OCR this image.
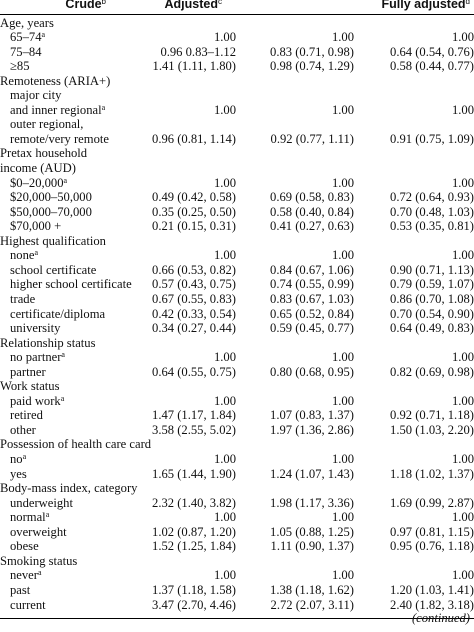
Crude$^b$	Adjusted$^c$	Fully adjusted$^d$
Age, years
65–74$^a$	1.00	1.00	1.00
75–84	0.96 0.83–1.12	0.83 (0.71, 0.98)	0.64 (0.54, 0.76)
≥85	1.41 (1.11, 1.80)	0.98 (0.74, 1.29)	0.58 (0.44, 0.77)
Remoteness (ARIA+)
major city
and inner regional$^a$	1.00	1.00	1.00
outer regional,
remote/very remote	0.96 (0.81, 1.14)	0.92 (0.77, 1.11)	0.91 (0.75, 1.09)
Pretax household
income (AUD)
$0–20,000$^a$	1.00	1.00	1.00
$20,000–50,000	0.49 (0.42, 0.58)	0.69 (0.58, 0.83)	0.72 (0.64, 0.93)
$50,000–70,000	0.35 (0.25, 0.50)	0.58 (0.40, 0.84)	0.70 (0.48, 1.03)
$70,000 +	0.21 (0.15, 0.31)	0.41 (0.27, 0.63)	0.53 (0.35, 0.81)
Highest qualification
none$^a$	1.00	1.00	1.00
school certificate	0.66 (0.53, 0.82)	0.84 (0.67, 1.06)	0.90 (0.71, 1.13)
higher school certificate 0.57 (0.43, 0.75)	0.74 (0.55, 0.99)	0.79 (0.59, 1.07)
trade	0.67 (0.55, 0.83)	0.83 (0.67, 1.03)	0.86 (0.70, 1.08)
certificate/diploma	0.42 (0.33, 0.54)	0.65 (0.52, 0.84)	0.70 (0.54, 0.90)
university	0.34 (0.27, 0.44)	0.59 (0.45, 0.77)	0.64 (0.49, 0.83)
Relationship status
no partner$^a$	1.00	1.00	1.00
partner	0.64 (0.55, 0.75)	0.80 (0.68, 0.95)	0.82 (0.69, 0.98)
Work status
paid work$^a$	1.00	1.00	1.00
retired	1.47 (1.17, 1.84)	1.07 (0.83, 1.37)	0.92 (0.71, 1.18)
other	3.58 (2.55, 5.02)	1.97 (1.36, 2.86)	1.50 (1.03, 2.20)
Possession of health care card
$no^a$	1.00	1.00	1.00
yes	1.65 (1.44, 1.90)	1.24 (1.07, 1.43)	1.18 (1.02, 1.37)
Body-mass index, category
underweight	2.32 (1.40, 3.82)	1.98 (1.17, 3.36)	1.69 (0.99, 2.87)
normal$^a$	1.00	1.00	1.00
overweight	1.02 (0.87, 1.20)	1.05 (0.88, 1.25)	0.97 (0.81, 1.15)
obese	1.52 (1.25, 1.84)	1.11 (0.90, 1.37)	0.95 (0.76, 1.18)
Smoking status
never$^a$	1.00	1.00	1.00
past	1.37 (1.18, 1.58)	1.38 (1.18, 1.62)	1.20 (1.03, 1.41)
current	3.47 (2.70, 4.46)	2.72 (2.07, 3.11)	2.40 (1.82, 3.18)
(continued)
